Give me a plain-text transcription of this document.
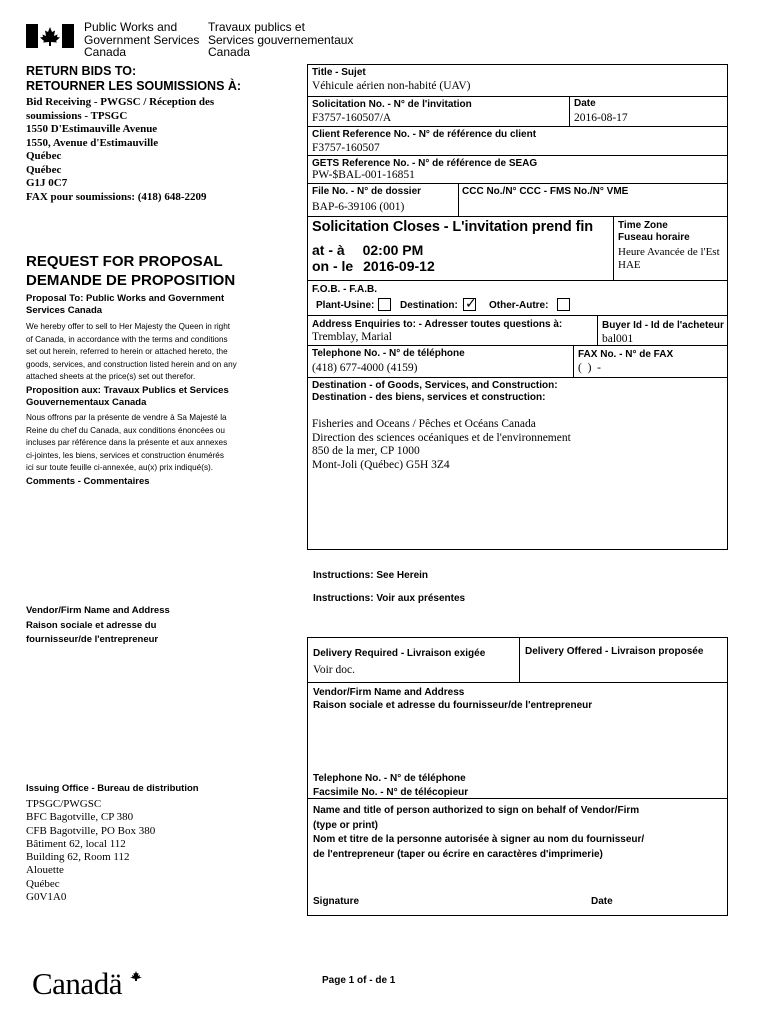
Public Works and
Government Services
Canada
Travaux publics et
Services gouvernementaux
Canada
RETURN BIDS TO:
RETOURNER LES SOUMISSIONS À:
Bid Receiving - PWGSC / Réception des
soumissions - TPSGC
1550 D'Estimauville Avenue
1550, Avenue d'Estimauville
Québec
Québec
G1J 0C7
FAX pour soumissions: (418) 648-2209
REQUEST FOR PROPOSAL
DEMANDE DE PROPOSITION
Proposal To: Public Works and Government
Services Canada
We hereby offer to sell to Her Majesty the Queen in right
of Canada, in accordance with the terms and conditions
set out herein, referred to herein or attached hereto, the
goods, services, and construction listed herein and on any
attached sheets at the price(s) set out therefor.
Proposition aux: Travaux Publics et Services
Gouvernementaux Canada
Nous offrons par la présente de vendre à Sa Majesté la
Reine du chef du Canada, aux conditions énoncées ou
incluses par référence dans la présente et aux annexes
ci-jointes, les biens, services et construction énumérés
ici sur toute feuille ci-annexée, au(x) prix indiqué(s).
Comments - Commentaires
Vendor/Firm Name and Address
Raison sociale et adresse du
fournisseur/de l'entrepreneur
Issuing Office - Bureau de distribution
TPSGC/PWGSC
BFC Bagotville, CP 380
CFB Bagotville, PO Box 380
Bâtiment 62, local 112
Building 62, Room 112
Alouette
Québec
G0V1A0
Title - Sujet
Véhicule aérien non-habité (UAV)
Solicitation No. - N° de l'invitation
F3757-160507/A
Date
2016-08-17
Client Reference No. - N° de référence du client
F3757-160507
GETS Reference No. - N° de référence de SEAG
PW-$BAL-001-16851
File No. - N° de dossier
BAP-6-39106 (001)
CCC No./N° CCC - FMS No./N° VME
Solicitation Closes - L'invitation prend fin
at - à 02:00 PM
on - le 2016-09-12
Time Zone
Fuseau horaire
Heure Avancée de l'Est
HAE
F.O.B. - F.A.B.
Plant-Usine:	Destination: ✓ Other-Autre:
Address Enquiries to: - Adresser toutes questions à:
Tremblay, Marial
Buyer Id - Id de l'acheteur
bal001
Telephone No. - N° de téléphone
(418) 677-4000 (4159)
FAX No. - N° de FAX
(  )  -
Destination - of Goods, Services, and Construction:
Destination - des biens, services et construction:
Fisheries and Oceans / Pêches et Océans Canada
Direction des sciences océaniques et de l'environnement
850 de la mer, CP 1000
Mont-Joli (Québec) G5H 3Z4
Instructions: See Herein
Instructions: Voir aux présentes
Delivery Required - Livraison exigée
Voir doc.
Delivery Offered - Livraison proposée
Vendor/Firm Name and Address
Raison sociale et adresse du fournisseur/de l'entrepreneur
Telephone No. - N° de téléphone
Facsimile No. - N° de télécopieur
Name and title of person authorized to sign on behalf of Vendor/Firm
(type or print)
Nom et titre de la personne autorisée à signer au nom du fournisseur/
de l'entrepreneur (taper ou écrire en caractères d'imprimerie)
Signature	Date
Canadä	Page 1 of - de 1
